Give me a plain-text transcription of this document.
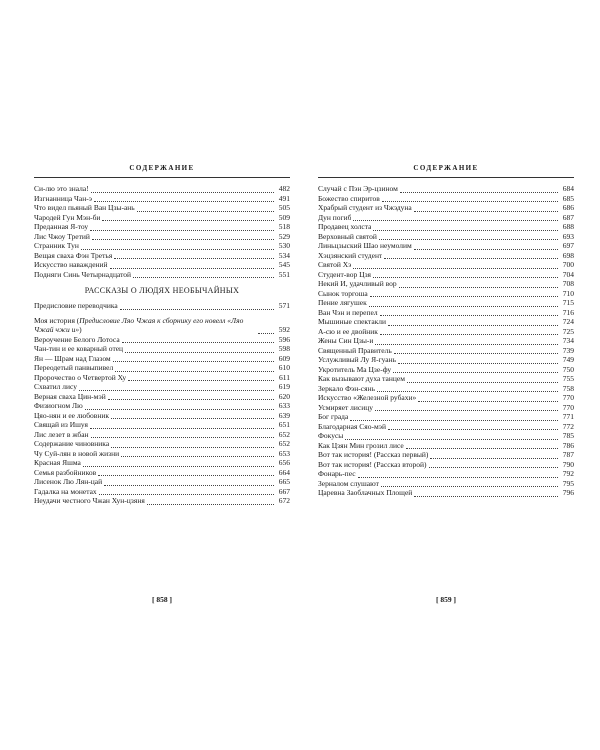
СОДЕРЖАНИЕ
Си-лю это знала!	482
Изгнанница Чан-э	491
Что видел пьяный Ван Цзы-ань	505
Чародей Гун Мэн-би	509
Преданная Я-тоу	518
Лис Чжоу Третий	529
Странник Тун	530
Вещая сваха Фэн Третья	534
Искусство наваждений	545
Подняги Синь Четырнадцатой	551
РАССКАЗЫ О ЛЮДЯХ НЕОБЫЧАЙНЫХ
Предисловие переводчика	571
Моя история (Предисловие Ляо Чжая к сборнику его новелл «Ляо Чжай чжи и»)	592
Вероучение Белого Лотоса	596
Чан-тин и ее коварный отец	598
Ян — Шрам над Глазом	609
Переодетый панвыпивел	610
Пророчество о Четвертой Ху	611
Схватил лису	619
Верная сваха Цин-мэй	620
Физиогном Лю	633
Цяо-нян и ее любовник	639
Свящай из Ишуя	651
Лис лезет в жбан	652
Содержание чиновника	652
Чу Суй-лян в новой жизни	653
Красная Яшма	656
Семья разбойников	664
Лисенок Лю Лян-цай	665
Гадалка на монетах	667
Неудачи честного Чжан Хун-цзяня	672
[ 858 ]
СОДЕРЖАНИЕ
Случай с Пэн Эр-цзином	684
Божество спиритов	685
Храбрый студент из Чжэдуна	686
Дун погиб	687
Продавец холста	688
Верховный святой	693
Линьцзыский Шао неумолим	697
Хэцзянский студент	698
Святой Хэ	700
Студент-вор Цзя	704
Некий И, удачливый вор	708
Сынок торгоша	710
Пение лягушек	715
Ван Чэн и перепел	716
Мышиные спектакли	724
А-сю и ее двойник	725
Жены Син Цзы-и	734
Священный Правитель	739
Услужливый Лу Я-гуань	749
Укротитель Ма Цзе-фу	750
Как вызывают духа танцем	755
Зеркало Фэн-сянь	758
Искусство «Железной рубахи»	770
Усмиряет лисицу	770
Бог града	771
Благодарная Сяо-мэй	772
Фокусы	785
Как Цзян Мин грозил лисе	786
Вот так история! (Рассказ первый)	787
Вот так история! (Рассказ второй)	790
Фонарь-пес	792
Зерналом слушают	795
Царевна Заоблачных Площей	796
[ 859 ]
